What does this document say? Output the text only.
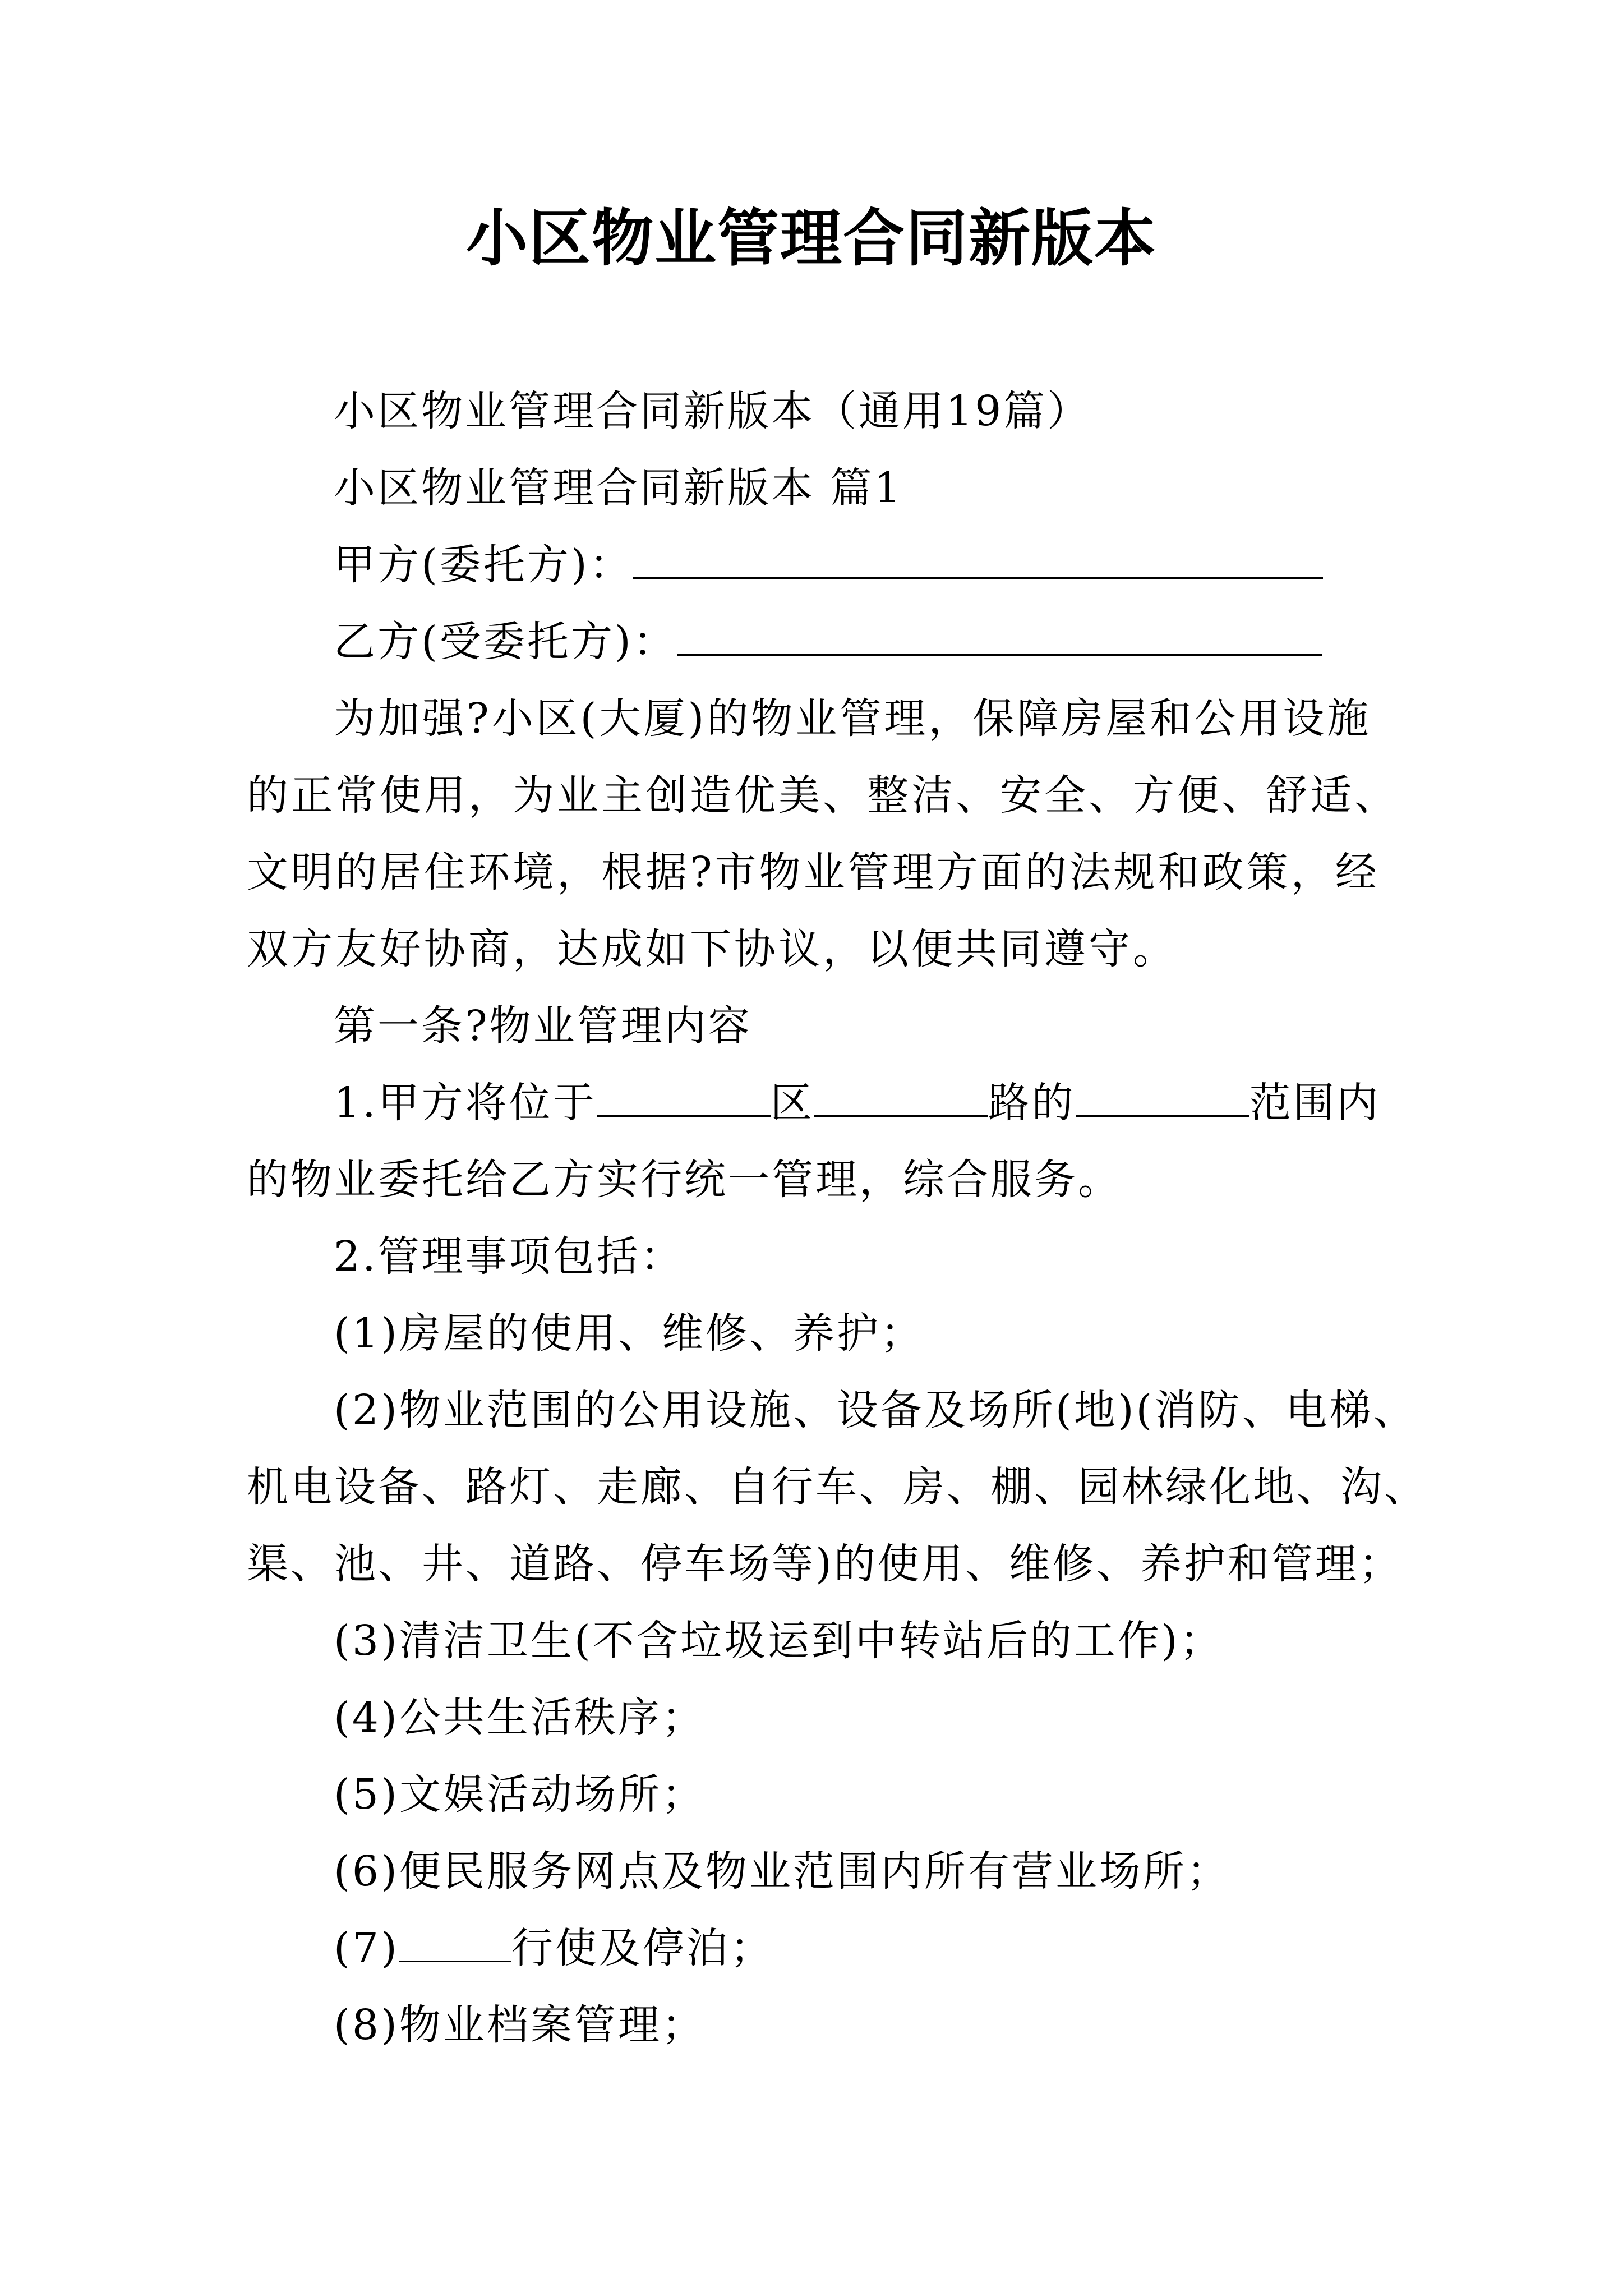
小区物业管理合同新版本
小区物业管理合同新版本（通用19篇）
小区物业管理合同新版本 篇1
甲方(委托方)：
乙方(受委托方)：
为加强?小区(大厦)的物业管理，保障房屋和公用设施的正常使用，为业主创造优美、整洁、安全、方便、舒适、文明的居住环境，根据?市物业管理方面的法规和政策，经双方友好协商，达成如下协议，以便共同遵守。
第一条?物业管理内容
1.甲方将位于	区	路的	范围内
的物业委托给乙方实行统一管理，综合服务。
2.管理事项包括：
(1)房屋的使用、维修、养护；
(2)物业范围的公用设施、设备及场所(地)(消防、电梯、
机电设备、路灯、走廊、自行车、房、棚、园林绿化地、沟、
渠、池、井、道路、停车场等)的使用、维修、养护和管理；
(3)清洁卫生(不含垃圾运到中转站后的工作)；
(4)公共生活秩序；
(5)文娱活动场所；
(6)便民服务网点及物业范围内所有营业场所；
(7)	行使及停泊；
(8)物业档案管理；
